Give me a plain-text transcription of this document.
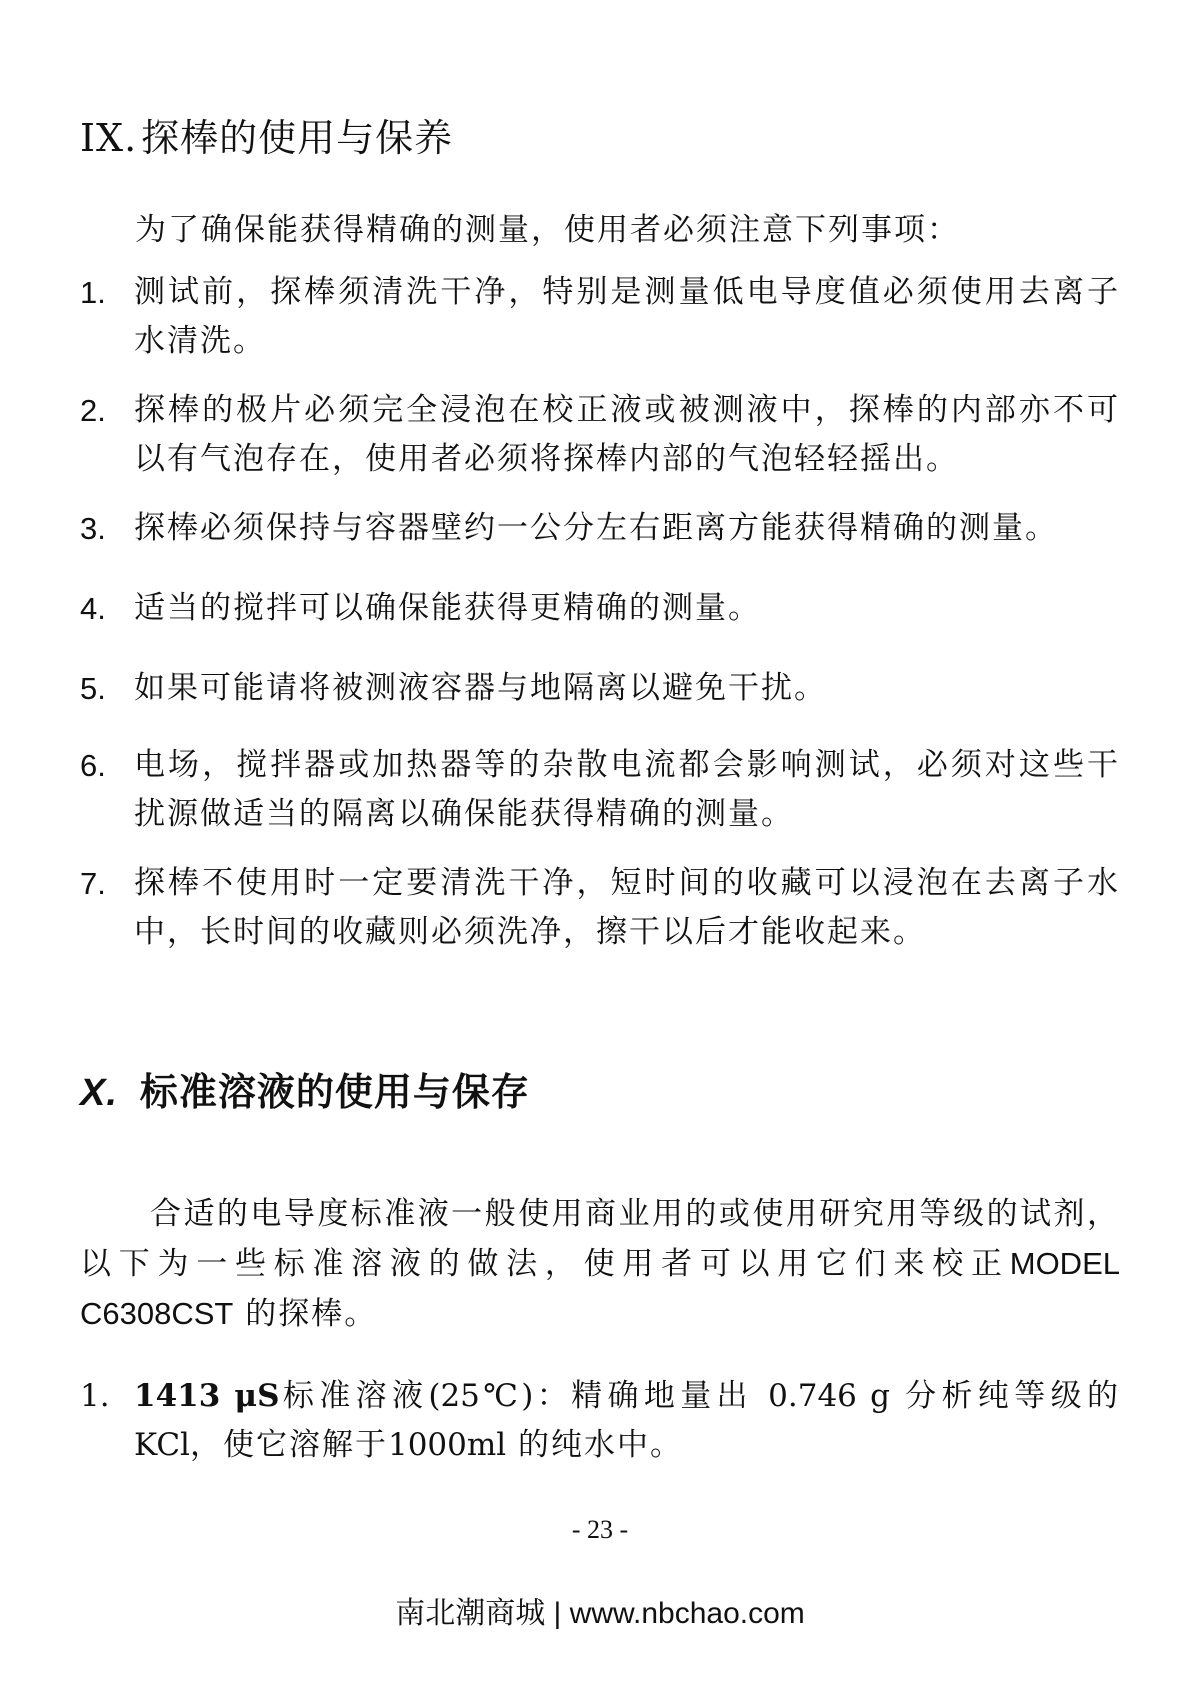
IX. 探棒的使用与保养

为了确保能获得精确的测量，使用者必须注意下列事项：

1. 测试前，探棒须清洗干净，特别是测量低电导度值必须使用去离子水清洗。
2. 探棒的极片必须完全浸泡在校正液或被测液中，探棒的内部亦不可以有气泡存在，使用者必须将探棒内部的气泡轻轻摇出。
3. 探棒必须保持与容器壁约一公分左右距离方能获得精确的测量。
4. 适当的搅拌可以确保能获得更精确的测量。
5. 如果可能请将被测液容器与地隔离以避免干扰。
6. 电场，搅拌器或加热器等的杂散电流都会影响测试，必须对这些干扰源做适当的隔离以确保能获得精确的测量。
7. 探棒不使用时一定要清洗干净，短时间的收藏可以浸泡在去离子水中，长时间的收藏则必须洗净，擦干以后才能收起来。
X. 标准溶液的使用与保存

合适的电导度标准液一般使用商业用的或使用研究用等级的试剂，以下为一些标准溶液的做法，使用者可以用它们来校正MODEL C6308CST 的探棒。

1. 1413 μS标准溶液(25℃)：精确地量出 0.746 g 分析纯等级的KCl，使它溶解于1000ml 的纯水中。
- 23 -
南北潮商城 | www.nbchao.com
